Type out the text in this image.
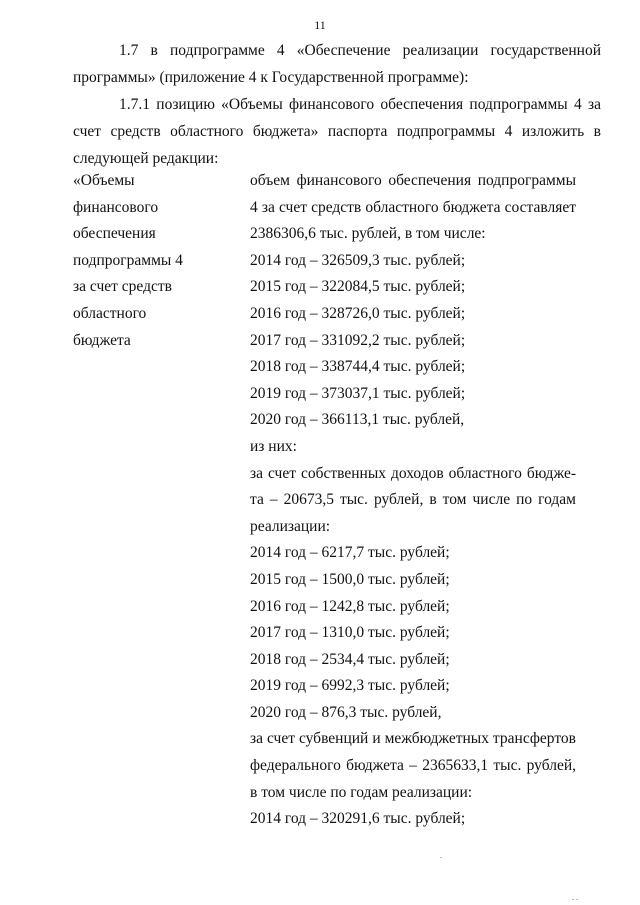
11
1.7 в подпрограмме 4 «Обеспечение реализации государственной программы» (приложение 4 к Государственной программе):
1.7.1 позицию «Объемы финансового обеспечения подпрограммы 4 за счет средств областного бюджета» паспорта подпрограммы 4 изложить в следующей редакции:
«Объемы
финансового
обеспечения
подпрограммы 4
за счет средств
областного
бюджета
объем финансового обеспечения подпрограммы
4 за счет средств областного бюджета составляет
2386306,6 тыс. рублей, в том числе:
2014 год – 326509,3 тыс. рублей;
2015 год – 322084,5 тыс. рублей;
2016 год – 328726,0 тыс. рублей;
2017 год – 331092,2 тыс. рублей;
2018 год – 338744,4 тыс. рублей;
2019 год – 373037,1 тыс. рублей;
2020 год – 366113,1 тыс. рублей,
из них:
за счет собственных доходов областного бюдже-
та – 20673,5 тыс. рублей, в том числе по годам
реализации:
2014 год – 6217,7 тыс. рублей;
2015 год – 1500,0 тыс. рублей;
2016 год – 1242,8 тыс. рублей;
2017 год – 1310,0 тыс. рублей;
2018 год – 2534,4 тыс. рублей;
2019 год – 6992,3 тыс. рублей;
2020 год – 876,3 тыс. рублей,
за счет субвенций и межбюджетных трансфертов
федерального бюджета – 2365633,1 тыс. рублей,
в том числе по годам реализации:
2014 год – 320291,6 тыс. рублей;
.
. .
